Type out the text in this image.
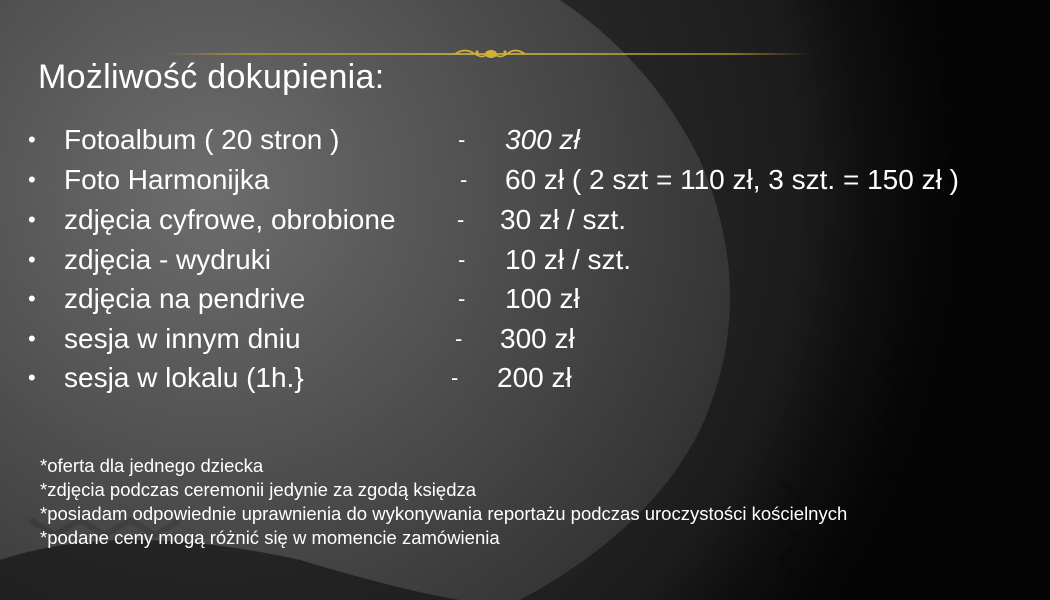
Możliwość dokupienia:
• Fotoalbum ( 20 stron )	- 300 zł
• Foto Harmonijka	- 60 zł ( 2 szt = 110 zł, 3 szt. = 150 zł )
• zdjęcia cyfrowe, obrobione	- 30 zł / szt.
• zdjęcia - wydruki	- 10 zł / szt.
• zdjęcia na pendrive	- 100 zł
• sesja w innym dniu	- 300 zł
• sesja w lokalu (1h.}	- 200 zł
*oferta dla jednego dziecka
*zdjęcia podczas ceremonii jedynie za zgodą księdza
*posiadam odpowiednie uprawnienia do wykonywania reportażu podczas uroczystości kościelnych
*podane ceny mogą różnić się w momencie zamówienia
